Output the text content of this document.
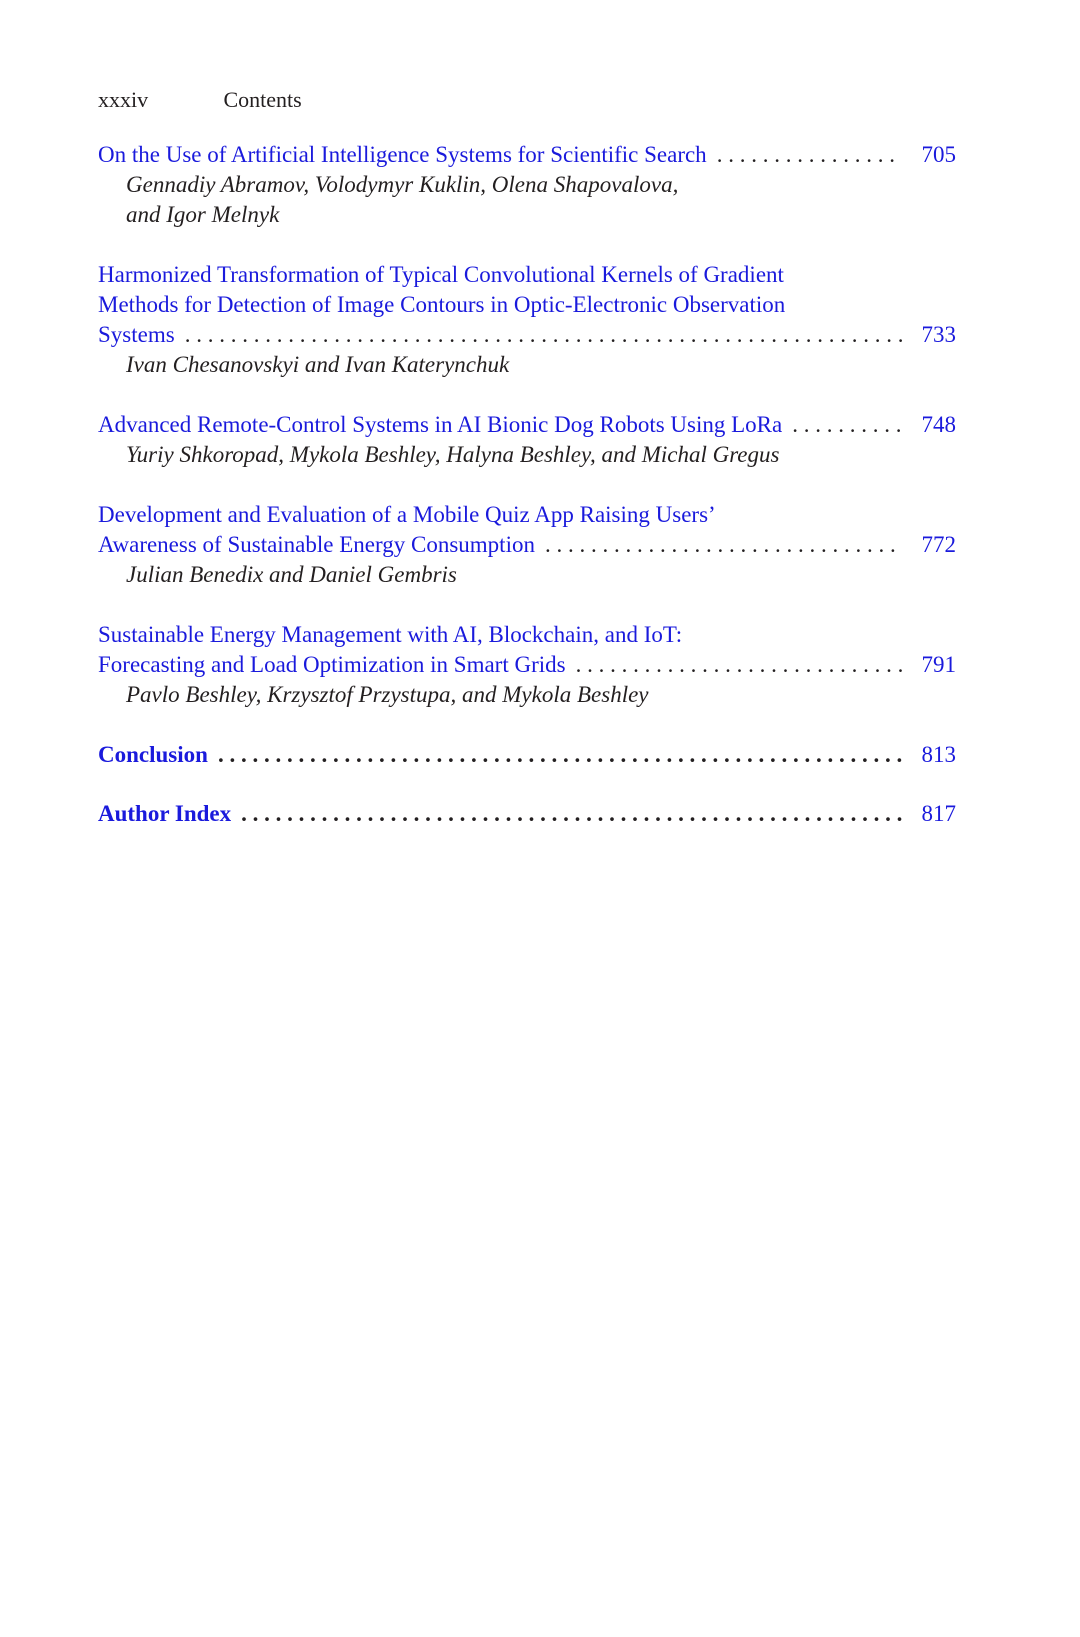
xxxiv	Contents
On the Use of Artificial Intelligence Systems for Scientific Search . . .	705
Gennadiy Abramov, Volodymyr Kuklin, Olena Shapovalova,
and Igor Melnyk
Harmonized Transformation of Typical Convolutional Kernels of Gradient
Methods for Detection of Image Contours in Optic-Electronic Observation
Systems . . .	733
Ivan Chesanovskyi and Ivan Katerynchuk
Advanced Remote-Control Systems in AI Bionic Dog Robots Using LoRa . . .	748
Yuriy Shkoropad, Mykola Beshley, Halyna Beshley, and Michal Gregus
Development and Evaluation of a Mobile Quiz App Raising Users’
Awareness of Sustainable Energy Consumption . . .	772
Julian Benedix and Daniel Gembris
Sustainable Energy Management with AI, Blockchain, and IoT:
Forecasting and Load Optimization in Smart Grids . . .	791
Pavlo Beshley, Krzysztof Przystupa, and Mykola Beshley
Conclusion . . .	813
Author Index . . .	817
